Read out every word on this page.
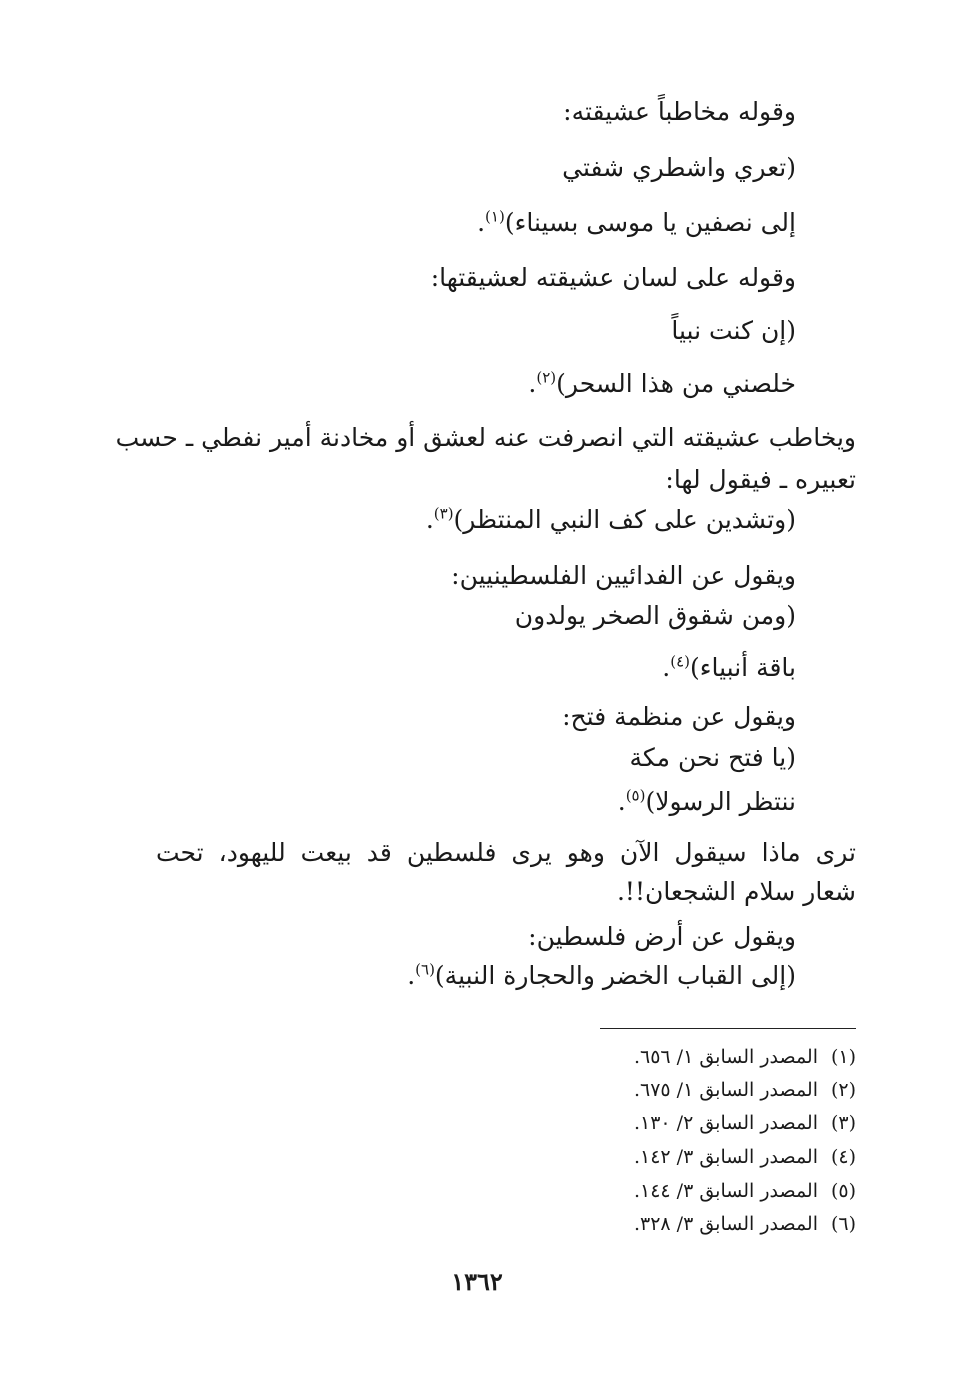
وقوله مخاطباً عشيقته:
(تعري واشطري شفتي
إلى نصفين يا موسى بسيناء)$^{(١)}$.
وقوله على لسان عشيقته لعشيقتها:
(إن كنت نبياً
خلصني من هذا السحر)$^{(٢)}$.
ويخاطب عشيقته التي انصرفت عنه لعشق أو مخادنة أمير نفطي ـ حسب
تعبيره ـ فيقول لها:
(وتشدين على كف النبي المنتظر)$^{(٣)}$.
ويقول عن الفدائيين الفلسطينيين:
(ومن شقوق الصخر يولدون
باقة أنبياء)$^{(٤)}$.
ويقول عن منظمة فتح:
(يا فتح نحن مكة
ننتظر الرسولا)$^{(٥)}$.
ترى ماذا سيقول الآن وهو يرى فلسطين قد بيعت لليهود، تحت
شعار سلام الشجعان!!.
ويقول عن أرض فلسطين:
(إلى القباب الخضر والحجارة النبية)$^{(٦)}$.
(١)المصدر السابق ١/ ٦٥٦.
(٢)المصدر السابق ١/ ٦٧٥.
(٣)المصدر السابق ٢/ ١٣٠.
(٤)المصدر السابق ٣/ ١٤٢.
(٥)المصدر السابق ٣/ ١٤٤.
(٦)المصدر السابق ٣/ ٣٢٨.
١٣٦٢
